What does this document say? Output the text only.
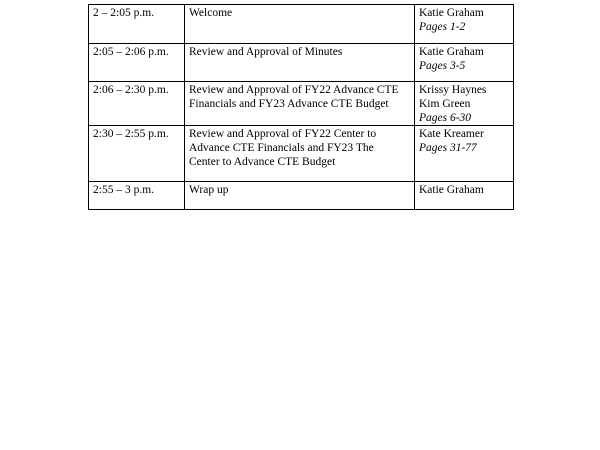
2 – 2:05 p.m.	Welcome	Katie Graham
Pages 1-2

2:05 – 2:06 p.m.	Review and Approval of Minutes	Katie Graham
Pages 3-5

2:06 – 2:30 p.m.	Review and Approval of FY22 Advance CTE
Financials and FY23 Advance CTE Budget	Krissy Haynes
Kim Green
Pages 6-30

2:30 – 2:55 p.m.	Review and Approval of FY22 Center to
Advance CTE Financials and FY23 The
Center to Advance CTE Budget	Kate Kreamer
Pages 31-77

2:55 – 3 p.m.	Wrap up	Katie Graham
